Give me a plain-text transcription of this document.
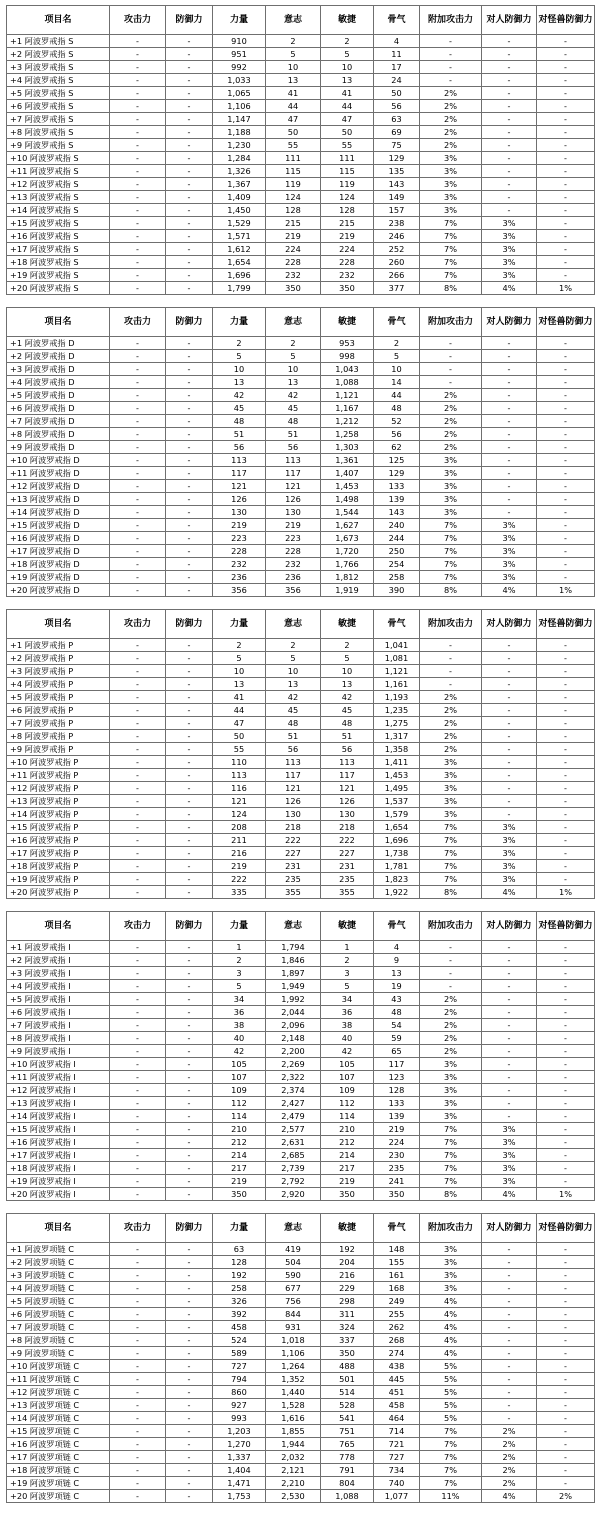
项目名	攻击力	防御力	力量	意志	敏捷	骨气	附加攻击力	对人防御力	对怪兽防御力
+1 阿波罗戒指 S	-	-	910	2	2	4	-	-	-
+2 阿波罗戒指 S	-	-	951	5	5	11	-	-	-
+3 阿波罗戒指 S	-	-	992	10	10	17	-	-	-
+4 阿波罗戒指 S	-	-	1,033	13	13	24	-	-	-
+5 阿波罗戒指 S	-	-	1,065	41	41	50	2%	-	-
+6 阿波罗戒指 S	-	-	1,106	44	44	56	2%	-	-
+7 阿波罗戒指 S	-	-	1,147	47	47	63	2%	-	-
+8 阿波罗戒指 S	-	-	1,188	50	50	69	2%	-	-
+9 阿波罗戒指 S	-	-	1,230	55	55	75	2%	-	-
+10 阿波罗戒指 S	-	-	1,284	111	111	129	3%	-	-
+11 阿波罗戒指 S	-	-	1,326	115	115	135	3%	-	-
+12 阿波罗戒指 S	-	-	1,367	119	119	143	3%	-	-
+13 阿波罗戒指 S	-	-	1,409	124	124	149	3%	-	-
+14 阿波罗戒指 S	-	-	1,450	128	128	157	3%	-	-
+15 阿波罗戒指 S	-	-	1,529	215	215	238	7%	3%	-
+16 阿波罗戒指 S	-	-	1,571	219	219	246	7%	3%	-
+17 阿波罗戒指 S	-	-	1,612	224	224	252	7%	3%	-
+18 阿波罗戒指 S	-	-	1,654	228	228	260	7%	3%	-
+19 阿波罗戒指 S	-	-	1,696	232	232	266	7%	3%	-
+20 阿波罗戒指 S	-	-	1,799	350	350	377	8%	4%	1%
项目名	攻击力	防御力	力量	意志	敏捷	骨气	附加攻击力	对人防御力	对怪兽防御力
+1 阿波罗戒指 D	-	-	2	2	953	2	-	-	-
+2 阿波罗戒指 D	-	-	5	5	998	5	-	-	-
+3 阿波罗戒指 D	-	-	10	10	1,043	10	-	-	-
+4 阿波罗戒指 D	-	-	13	13	1,088	14	-	-	-
+5 阿波罗戒指 D	-	-	42	42	1,121	44	2%	-	-
+6 阿波罗戒指 D	-	-	45	45	1,167	48	2%	-	-
+7 阿波罗戒指 D	-	-	48	48	1,212	52	2%	-	-
+8 阿波罗戒指 D	-	-	51	51	1,258	56	2%	-	-
+9 阿波罗戒指 D	-	-	56	56	1,303	62	2%	-	-
+10 阿波罗戒指 D	-	-	113	113	1,361	125	3%	-	-
+11 阿波罗戒指 D	-	-	117	117	1,407	129	3%	-	-
+12 阿波罗戒指 D	-	-	121	121	1,453	133	3%	-	-
+13 阿波罗戒指 D	-	-	126	126	1,498	139	3%	-	-
+14 阿波罗戒指 D	-	-	130	130	1,544	143	3%	-	-
+15 阿波罗戒指 D	-	-	219	219	1,627	240	7%	3%	-
+16 阿波罗戒指 D	-	-	223	223	1,673	244	7%	3%	-
+17 阿波罗戒指 D	-	-	228	228	1,720	250	7%	3%	-
+18 阿波罗戒指 D	-	-	232	232	1,766	254	7%	3%	-
+19 阿波罗戒指 D	-	-	236	236	1,812	258	7%	3%	-
+20 阿波罗戒指 D	-	-	356	356	1,919	390	8%	4%	1%
项目名	攻击力	防御力	力量	意志	敏捷	骨气	附加攻击力	对人防御力	对怪兽防御力
+1 阿波罗戒指 P	-	-	2	2	2	1,041	-	-	-
+2 阿波罗戒指 P	-	-	5	5	5	1,081	-	-	-
+3 阿波罗戒指 P	-	-	10	10	10	1,121	-	-	-
+4 阿波罗戒指 P	-	-	13	13	13	1,161	-	-	-
+5 阿波罗戒指 P	-	-	41	42	42	1,193	2%	-	-
+6 阿波罗戒指 P	-	-	44	45	45	1,235	2%	-	-
+7 阿波罗戒指 P	-	-	47	48	48	1,275	2%	-	-
+8 阿波罗戒指 P	-	-	50	51	51	1,317	2%	-	-
+9 阿波罗戒指 P	-	-	55	56	56	1,358	2%	-	-
+10 阿波罗戒指 P	-	-	110	113	113	1,411	3%	-	-
+11 阿波罗戒指 P	-	-	113	117	117	1,453	3%	-	-
+12 阿波罗戒指 P	-	-	116	121	121	1,495	3%	-	-
+13 阿波罗戒指 P	-	-	121	126	126	1,537	3%	-	-
+14 阿波罗戒指 P	-	-	124	130	130	1,579	3%	-	-
+15 阿波罗戒指 P	-	-	208	218	218	1,654	7%	3%	-
+16 阿波罗戒指 P	-	-	211	222	222	1,696	7%	3%	-
+17 阿波罗戒指 P	-	-	216	227	227	1,738	7%	3%	-
+18 阿波罗戒指 P	-	-	219	231	231	1,781	7%	3%	-
+19 阿波罗戒指 P	-	-	222	235	235	1,823	7%	3%	-
+20 阿波罗戒指 P	-	-	335	355	355	1,922	8%	4%	1%
项目名	攻击力	防御力	力量	意志	敏捷	骨气	附加攻击力	对人防御力	对怪兽防御力
+1 阿波罗戒指 I	-	-	1	1,794	1	4	-	-	-
+2 阿波罗戒指 I	-	-	2	1,846	2	9	-	-	-
+3 阿波罗戒指 I	-	-	3	1,897	3	13	-	-	-
+4 阿波罗戒指 I	-	-	5	1,949	5	19	-	-	-
+5 阿波罗戒指 I	-	-	34	1,992	34	43	2%	-	-
+6 阿波罗戒指 I	-	-	36	2,044	36	48	2%	-	-
+7 阿波罗戒指 I	-	-	38	2,096	38	54	2%	-	-
+8 阿波罗戒指 I	-	-	40	2,148	40	59	2%	-	-
+9 阿波罗戒指 I	-	-	42	2,200	42	65	2%	-	-
+10 阿波罗戒指 I	-	-	105	2,269	105	117	3%	-	-
+11 阿波罗戒指 I	-	-	107	2,322	107	123	3%	-	-
+12 阿波罗戒指 I	-	-	109	2,374	109	128	3%	-	-
+13 阿波罗戒指 I	-	-	112	2,427	112	133	3%	-	-
+14 阿波罗戒指 I	-	-	114	2,479	114	139	3%	-	-
+15 阿波罗戒指 I	-	-	210	2,577	210	219	7%	3%	-
+16 阿波罗戒指 I	-	-	212	2,631	212	224	7%	3%	-
+17 阿波罗戒指 I	-	-	214	2,685	214	230	7%	3%	-
+18 阿波罗戒指 I	-	-	217	2,739	217	235	7%	3%	-
+19 阿波罗戒指 I	-	-	219	2,792	219	241	7%	3%	-
+20 阿波罗戒指 I	-	-	350	2,920	350	350	8%	4%	1%
项目名	攻击力	防御力	力量	意志	敏捷	骨气	附加攻击力	对人防御力	对怪兽防御力
+1 阿波罗项链 C	-	-	63	419	192	148	3%	-	-
+2 阿波罗项链 C	-	-	128	504	204	155	3%	-	-
+3 阿波罗项链 C	-	-	192	590	216	161	3%	-	-
+4 阿波罗项链 C	-	-	258	677	229	168	3%	-	-
+5 阿波罗项链 C	-	-	326	756	298	249	4%	-	-
+6 阿波罗项链 C	-	-	392	844	311	255	4%	-	-
+7 阿波罗项链 C	-	-	458	931	324	262	4%	-	-
+8 阿波罗项链 C	-	-	524	1,018	337	268	4%	-	-
+9 阿波罗项链 C	-	-	589	1,106	350	274	4%	-	-
+10 阿波罗项链 C	-	-	727	1,264	488	438	5%	-	-
+11 阿波罗项链 C	-	-	794	1,352	501	445	5%	-	-
+12 阿波罗项链 C	-	-	860	1,440	514	451	5%	-	-
+13 阿波罗项链 C	-	-	927	1,528	528	458	5%	-	-
+14 阿波罗项链 C	-	-	993	1,616	541	464	5%	-	-
+15 阿波罗项链 C	-	-	1,203	1,855	751	714	7%	2%	-
+16 阿波罗项链 C	-	-	1,270	1,944	765	721	7%	2%	-
+17 阿波罗项链 C	-	-	1,337	2,032	778	727	7%	2%	-
+18 阿波罗项链 C	-	-	1,404	2,121	791	734	7%	2%	-
+19 阿波罗项链 C	-	-	1,471	2,210	804	740	7%	2%	-
+20 阿波罗项链 C	-	-	1,753	2,530	1,088	1,077	11%	4%	2%
